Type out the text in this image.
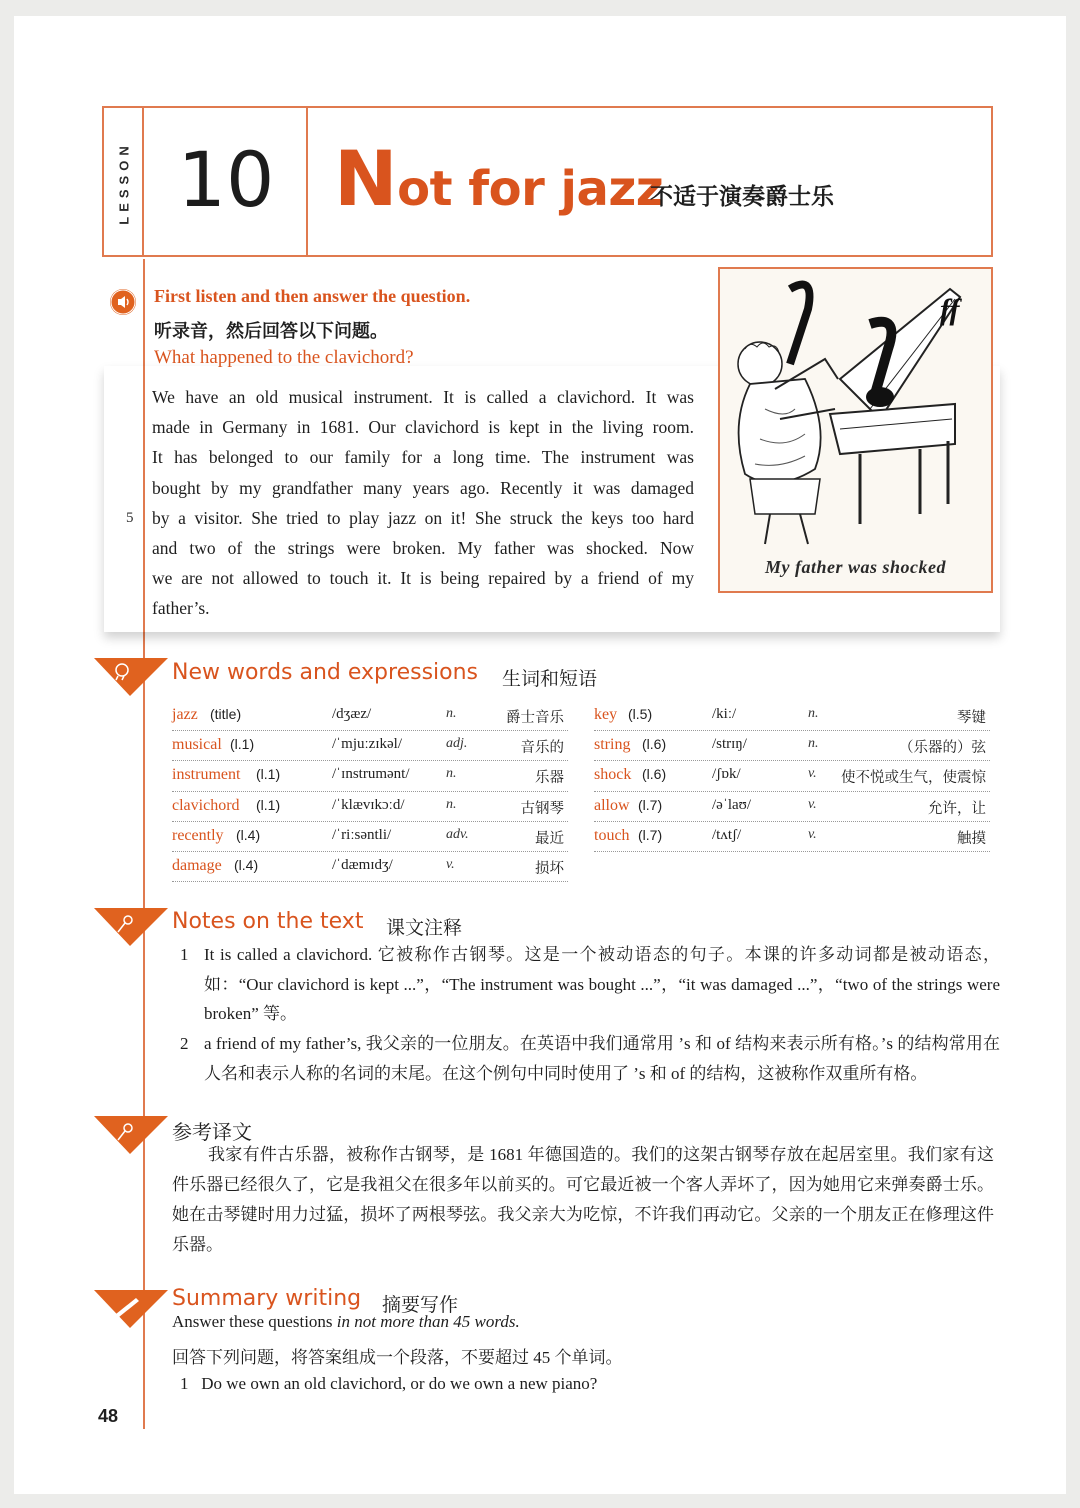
LESSON 10 Not for jazz
不适于演奏爵士乐
First listen and then answer the question.
听录音，然后回答以下问题。
What happened to the clavichord?
We have an old musical instrument. It is called a clavichord. It was
made in Germany in 1681. Our clavichord is kept in the living room.
It has belonged to our family for a long time. The instrument was
bought by my grandfather many years ago. Recently it was damaged
by a visitor. She tried to play jazz on it! She struck the keys too hard
and two of the strings were broken. My father was shocked. Now
we are not allowed to touch it. It is being repaired by a friend of my
father’s.
5
ff
My father was shocked
New words and expressions 生词和短语
jazz (title)	/dʒæz/	n.	爵士音乐
musical (l.1)	/ˈmjuːzɪkəl/	adj.	音乐的
instrument (l.1)	/ˈɪnstrumənt/	n.	乐器
clavichord (l.1)	/ˈklævɪkɔːd/	n.	古钢琴
recently (l.4)	/ˈriːsəntli/	adv.	最近
damage (l.4)	/ˈdæmɪdʒ/	v.	损坏
key (l.5)	/kiː/	n.	琴键
string (l.6)	/strɪŋ/	n.	（乐器的）弦
shock (l.6)	/ʃɒk/	v. 使不悦或生气，使震惊
allow (l.7)	/əˈlaʊ/	v.	允许，让
touch (l.7)	/tʌtʃ/	v.	触摸
Notes on the text 课文注释
1 It is called a clavichord. 它被称作古钢琴。这是一个被动语态的句子。本课的许多动词都是被动语态，如：“Our clavichord is kept ...”，“The instrument was bought ...”，“it was damaged ...”，“two of the strings were broken” 等。
2 a friend of my father’s, 我父亲的一位朋友。在英语中我们通常用 ’s 和 of 结构来表示所有格。’s 的结构常用在人名和表示人称的名词的末尾。在这个例句中同时使用了 ’s 和 of 的结构，这被称作双重所有格。
参考译文
我家有件古乐器，被称作古钢琴，是 1681 年德国造的。我们的这架古钢琴存放在起居室里。我们家有这件乐器已经很久了，它是我祖父在很多年以前买的。可它最近被一个客人弄坏了，因为她用它来弹奏爵士乐。她在击琴键时用力过猛，损坏了两根琴弦。我父亲大为吃惊，不许我们再动它。父亲的一个朋友正在修理这件乐器。
Summary writing 摘要写作
Answer these questions in not more than 45 words.
回答下列问题，将答案组成一个段落，不要超过 45 个单词。
1 Do we own an old clavichord, or do we own a new piano?
48
